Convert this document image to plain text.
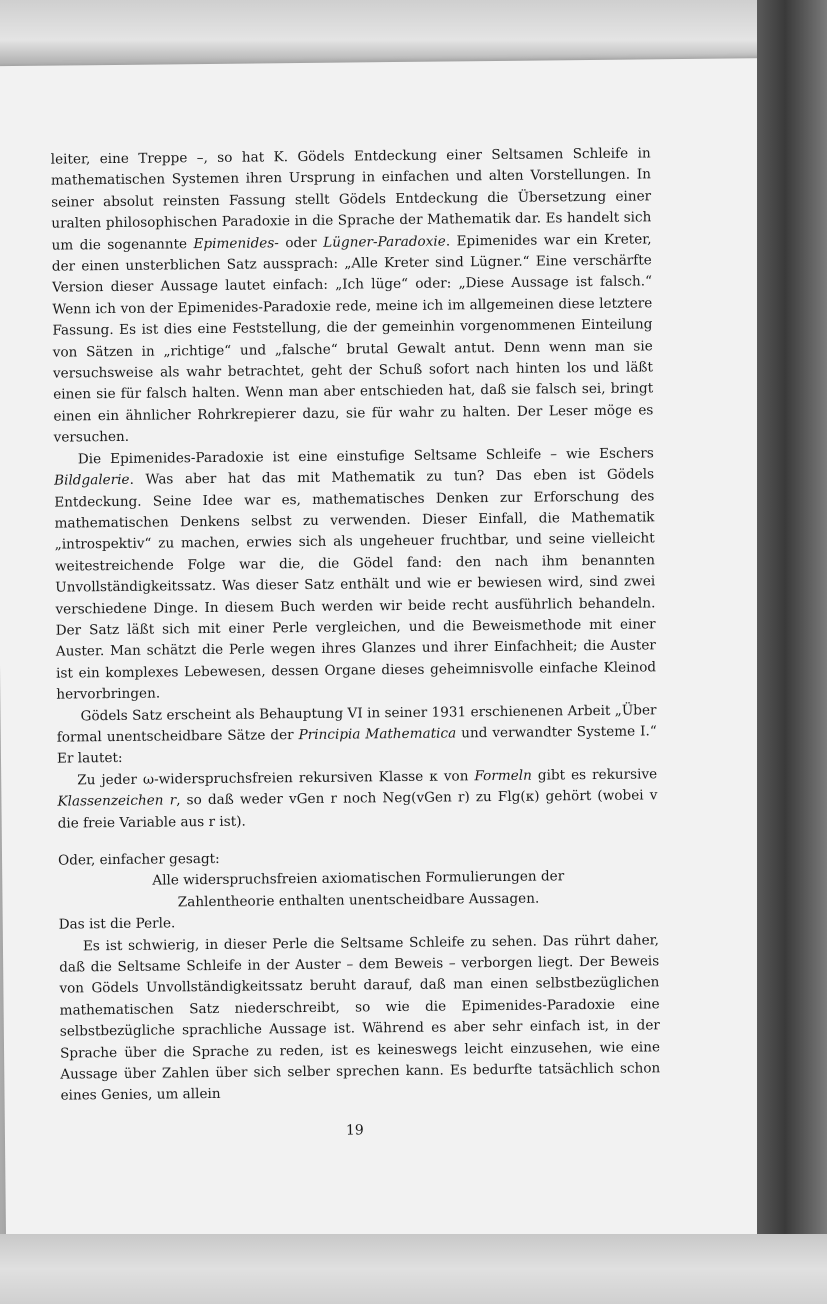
leiter, eine Treppe –, so hat K. Gödels Entdeckung einer Seltsamen Schleife in mathematischen Systemen ihren Ursprung in einfachen und alten Vorstellungen. In seiner absolut reinsten Fassung stellt Gödels Entdeckung die Übersetzung einer uralten philosophischen Paradoxie in die Sprache der Mathematik dar. Es handelt sich um die sogenannte Epimenides- oder Lügner-Paradoxie. Epimenides war ein Kreter, der einen unsterblichen Satz aussprach: „Alle Kreter sind Lügner.“ Eine verschärfte Version dieser Aussage lautet einfach: „Ich lüge“ oder: „Diese Aussage ist falsch.“ Wenn ich von der Epimenides-Paradoxie rede, meine ich im allgemeinen diese letztere Fassung. Es ist dies eine Feststellung, die der gemeinhin vorgenommenen Einteilung von Sätzen in „richtige“ und „falsche“ brutal Gewalt antut. Denn wenn man sie versuchsweise als wahr betrachtet, geht der Schuß sofort nach hinten los und läßt einen sie für falsch halten. Wenn man aber entschieden hat, daß sie falsch sei, bringt einen ein ähnlicher Rohrkrepierer dazu, sie für wahr zu halten. Der Leser möge es versuchen.

Die Epimenides-Paradoxie ist eine einstufige Seltsame Schleife – wie Eschers Bildgalerie. Was aber hat das mit Mathematik zu tun? Das eben ist Gödels Entdeckung. Seine Idee war es, mathematisches Denken zur Erforschung des mathematischen Denkens selbst zu verwenden. Dieser Einfall, die Mathematik „introspektiv“ zu machen, erwies sich als ungeheuer fruchtbar, und seine vielleicht weitestreichende Folge war die, die Gödel fand: den nach ihm benannten Unvollständigkeitssatz. Was dieser Satz enthält und wie er bewiesen wird, sind zwei verschiedene Dinge. In diesem Buch werden wir beide recht ausführlich behandeln. Der Satz läßt sich mit einer Perle vergleichen, und die Beweismethode mit einer Auster. Man schätzt die Perle wegen ihres Glanzes und ihrer Einfachheit; die Auster ist ein komplexes Lebewesen, dessen Organe dieses geheimnisvolle einfache Kleinod hervorbringen.

Gödels Satz erscheint als Behauptung VI in seiner 1931 erschienenen Arbeit „Über formal unentscheidbare Sätze der Principia Mathematica und verwandter Systeme I.“ Er lautet:

Zu jeder ω-widerspruchsfreien rekursiven Klasse κ von Formeln gibt es rekursive Klassenzeichen r, so daß weder vGen r noch Neg(vGen r) zu Flg(κ) gehört (wobei v die freie Variable aus r ist).

Oder, einfacher gesagt:

Alle widerspruchsfreien axiomatischen Formulierungen der Zahlentheorie enthalten unentscheidbare Aussagen.

Das ist die Perle.

Es ist schwierig, in dieser Perle die Seltsame Schleife zu sehen. Das rührt daher, daß die Seltsame Schleife in der Auster – dem Beweis – verborgen liegt. Der Beweis von Gödels Unvollständigkeitssatz beruht darauf, daß man einen selbstbezüglichen mathematischen Satz niederschreibt, so wie die Epimenides-Paradoxie eine selbstbezügliche sprachliche Aussage ist. Während es aber sehr einfach ist, in der Sprache über die Sprache zu reden, ist es keineswegs leicht einzusehen, wie eine Aussage über Zahlen über sich selber sprechen kann. Es bedurfte tatsächlich schon eines Genies, um allein

19
